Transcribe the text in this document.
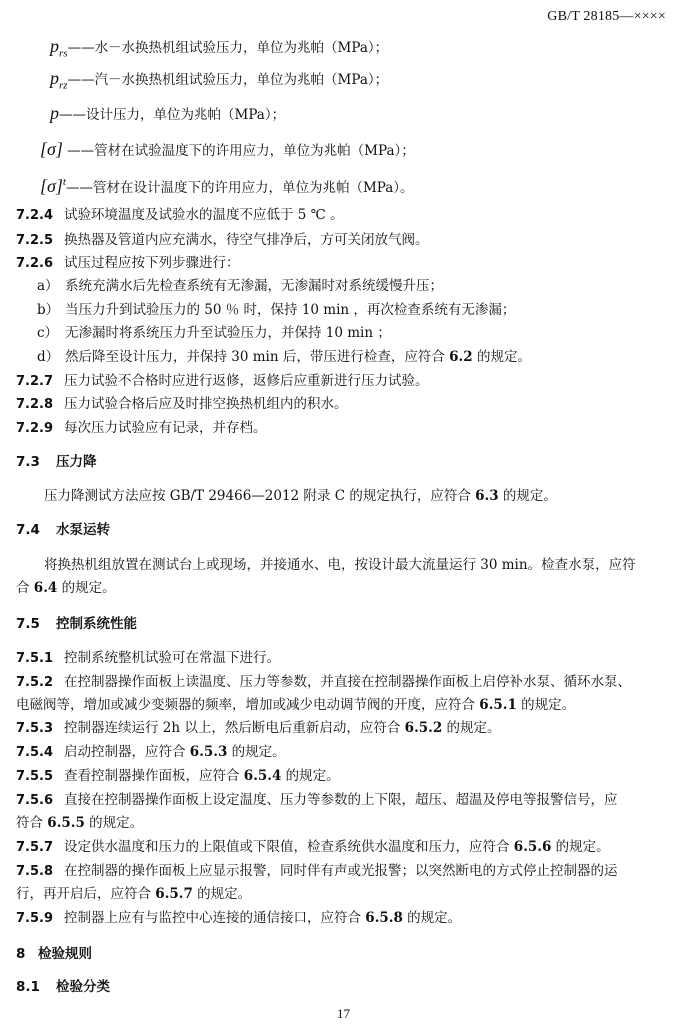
GB/T 28185—××××
$p_{rs}——$水－水换热机组试验压力，单位为兆帕（MPa）；
$p_{rz}——$汽－水换热机组试验压力，单位为兆帕（MPa）；
p——设计压力，单位为兆帕（MPa）；
[σ] ——管材在试验温度下的许用应力，单位为兆帕（MPa）；
$[\sigma]^t——$管材在设计温度下的许用应力，单位为兆帕（MPa）。
7.2.4 试验环境温度及试验水的温度不应低于 5 ℃ 。
7.2.5 换热器及管道内应充满水，待空气排净后，方可关闭放气阀。
7.2.6 试压过程应按下列步骤进行：
a） 系统充满水后先检查系统有无渗漏，无渗漏时对系统缓慢升压；
b） 当压力升到试验压力的 50 ％ 时，保持 10 min ，再次检查系统有无渗漏；
c） 无渗漏时将系统压力升至试验压力，并保持 10 min ；
d） 然后降至设计压力，并保持 30 min 后，带压进行检查，应符合 6.2 的规定。
7.2.7 压力试验不合格时应进行返修，返修后应重新进行压力试验。
7.2.8 压力试验合格后应及时排空换热机组内的积水。
7.2.9 每次压力试验应有记录，并存档。
7.3 压力降
压力降测试方法应按 GB/T 29466—2012 附录 C 的规定执行，应符合 6.3 的规定。
7.4 水泵运转
将换热机组放置在测试台上或现场，并接通水、电，按设计最大流量运行 30 min。检查水泵，应符
合 6.4 的规定。
7.5 控制系统性能
7.5.1 控制系统整机试验可在常温下进行。
7.5.2 在控制器操作面板上读温度、压力等参数，并直接在控制器操作面板上启停补水泵、循环水泵、
电磁阀等，增加或减少变频器的频率，增加或减少电动调节阀的开度，应符合 6.5.1 的规定。
7.5.3 控制器连续运行 2h 以上，然后断电后重新启动，应符合 6.5.2 的规定。
7.5.4 启动控制器，应符合 6.5.3 的规定。
7.5.5 查看控制器操作面板，应符合 6.5.4 的规定。
7.5.6 直接在控制器操作面板上设定温度、压力等参数的上下限，超压、超温及停电等报警信号，应
符合 6.5.5 的规定。
7.5.7 设定供水温度和压力的上限值或下限值，检查系统供水温度和压力，应符合 6.5.6 的规定。
7.5.8 在控制器的操作面板上应显示报警，同时伴有声或光报警；以突然断电的方式停止控制器的运
行，再开启后，应符合 6.5.7 的规定。
7.5.9 控制器上应有与监控中心连接的通信接口，应符合 6.5.8 的规定。
8 检验规则
8.1 检验分类
17
